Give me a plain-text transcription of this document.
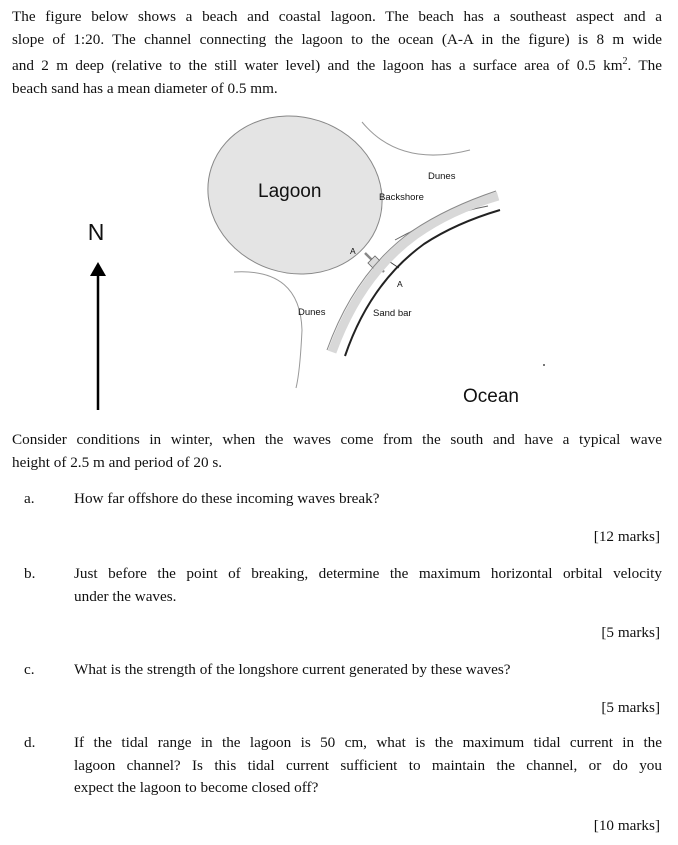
The figure below shows a beach and coastal lagoon. The beach has a southeast aspect and a
slope of 1:20. The channel connecting the lagoon to the ocean (A-A in the figure) is 8 m wide
and 2 m deep (relative to the still water level) and the lagoon has a surface area of 0.5 $km^2$. The
beach sand has a mean diameter of 0.5 mm.
N
Lagoon
Dunes
Backshore
A
A
Sand bar
Dunes
Ocean
Consider conditions in winter, when the waves come from the south and have a typical wave
height of 2.5 m and period of 20 s.
a.	How far offshore do these incoming waves break?
[12 marks]
b.	Just before the point of breaking, determine the maximum horizontal orbital velocity
under the waves.
[5 marks]
c.	What is the strength of the longshore current generated by these waves?
[5 marks]
d.	If the tidal range in the lagoon is 50 cm, what is the maximum tidal current in the
lagoon channel? Is this tidal current sufficient to maintain the channel, or do you
expect the lagoon to become closed off?
[10 marks]
